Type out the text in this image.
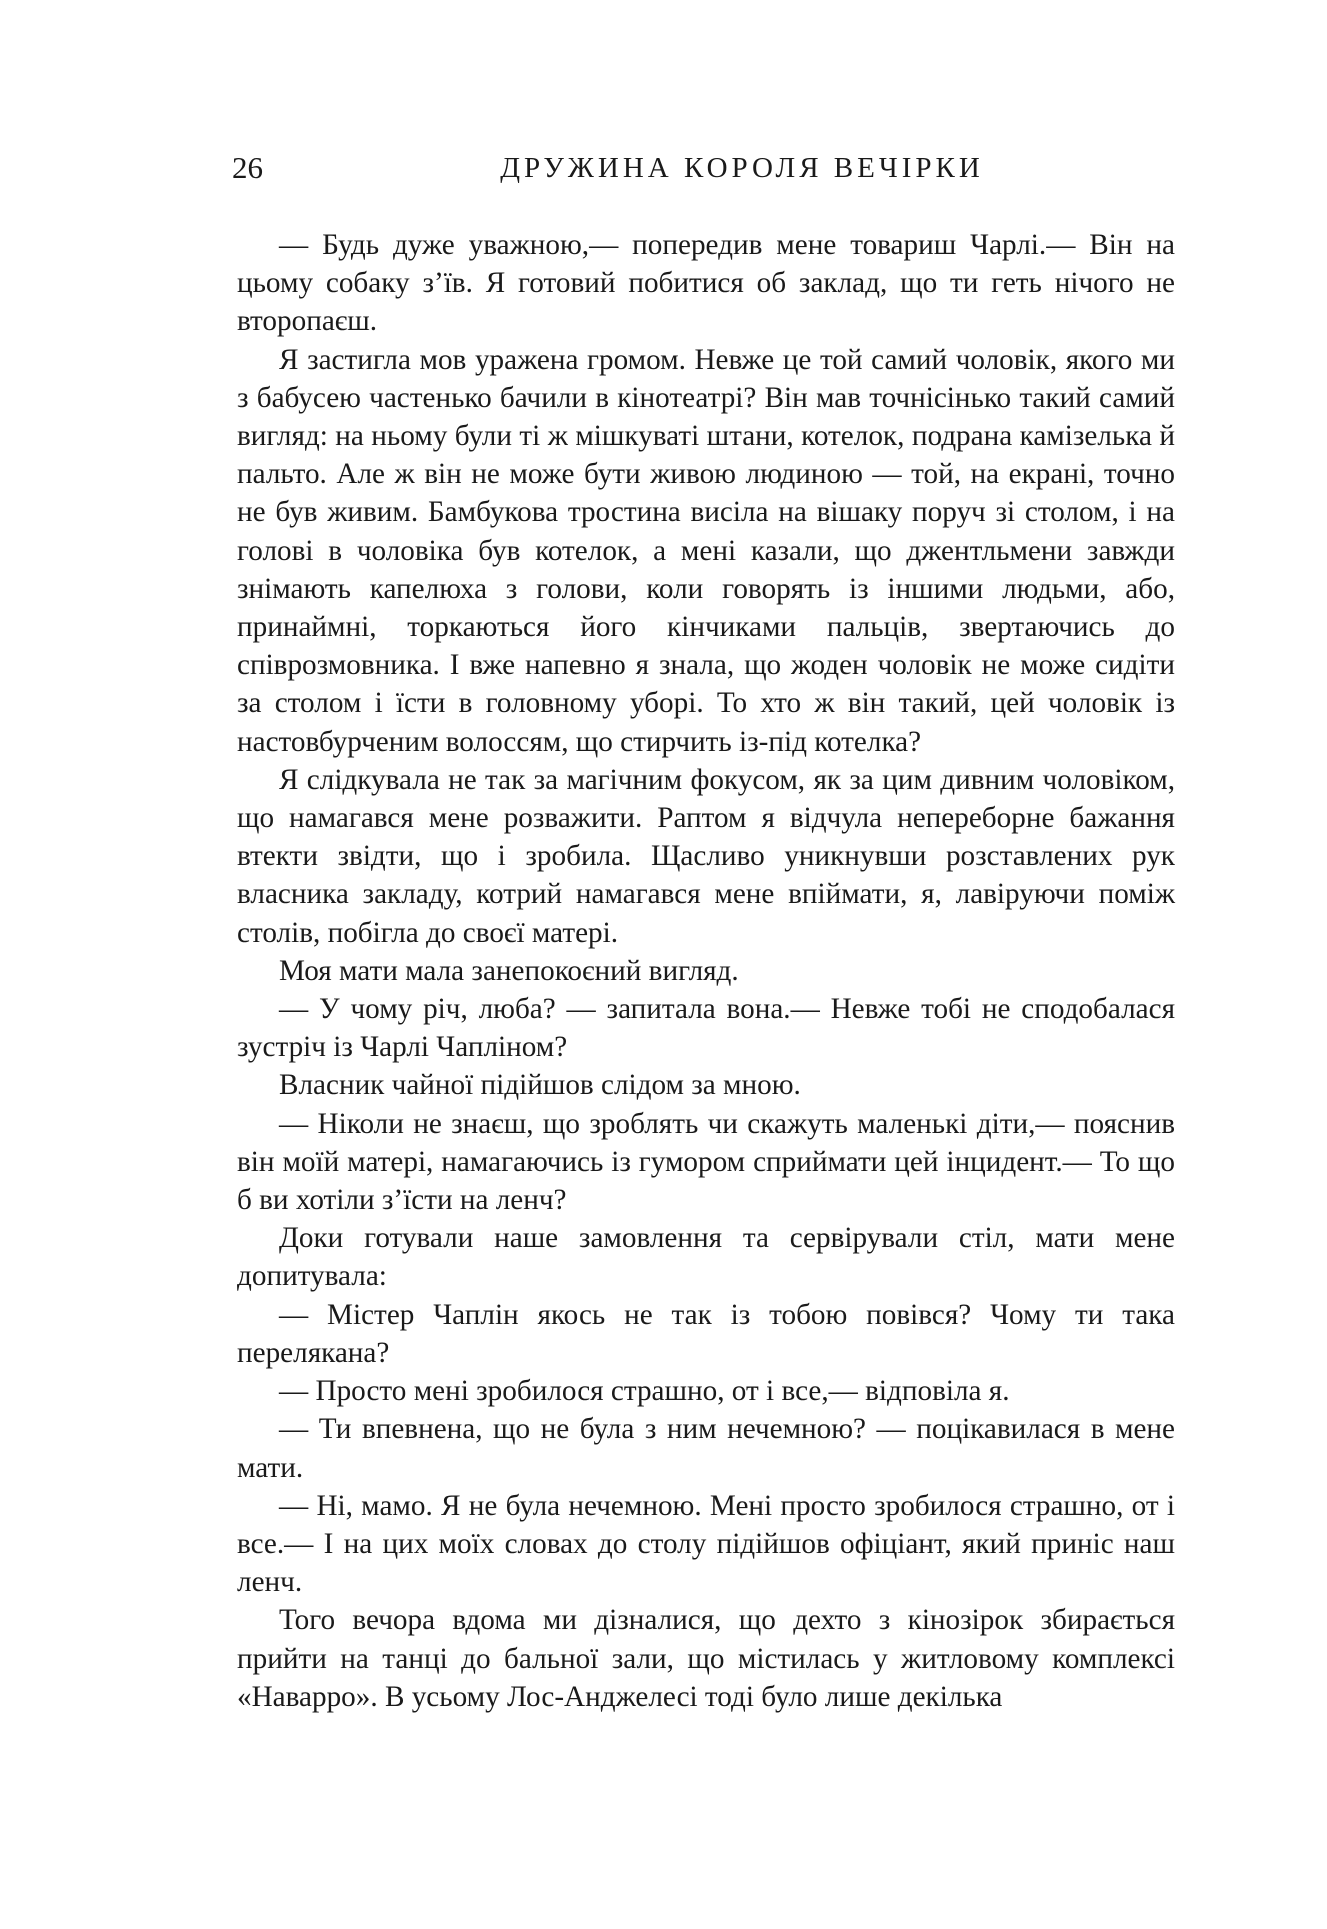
26	ДРУЖИНА КОРОЛЯ ВЕЧІРКИ

— Будь дуже уважною,— попередив мене товариш Чарлі.— Він на цьому собаку з’їв. Я готовий побитися об заклад, що ти геть нічого не второпаєш.

Я застигла мов уражена громом. Невже це той самий чоловік, якого ми з бабусею частенько бачили в кінотеатрі? Він мав точнісінько такий самий вигляд: на ньому були ті ж мішкуваті штани, котелок, подрана камізелька й пальто. Але ж він не може бути живою людиною — той, на екрані, точно не був живим. Бамбукова тростина висіла на вішаку поруч зі столом, і на голові в чоловіка був котелок, а мені казали, що джентльмени завжди знімають капелюха з голови, коли говорять із іншими людьми, або, принаймні, торкаються його кінчиками пальців, звертаючись до співрозмовника. І вже напевно я знала, що жоден чоловік не може сидіти за столом і їсти в головному уборі. То хто ж він такий, цей чоловік із настовбурченим волоссям, що стирчить із-під котелка?

Я слідкувала не так за магічним фокусом, як за цим дивним чоловіком, що намагався мене розважити. Раптом я відчула непереборне бажання втекти звідти, що і зробила. Щасливо уникнувши розставлених рук власника закладу, котрий намагався мене впіймати, я, лавіруючи поміж столів, побігла до своєї матері.

Моя мати мала занепокоєний вигляд.

— У чому річ, люба? — запитала вона.— Невже тобі не сподобалася зустріч із Чарлі Чапліном?

Власник чайної підійшов слідом за мною.

— Ніколи не знаєш, що зроблять чи скажуть маленькі діти,— пояснив він моїй матері, намагаючись із гумором сприймати цей інцидент.— То що б ви хотіли з’їсти на ленч?

Доки готували наше замовлення та сервірували стіл, мати мене допитувала:

— Містер Чаплін якось не так із тобою повівся? Чому ти така перелякана?

— Просто мені зробилося страшно, от і все,— відповіла я.

— Ти впевнена, що не була з ним нечемною? — поцікавилася в мене мати.

— Ні, мамо. Я не була нечемною. Мені просто зробилося страшно, от і все.— І на цих моїх словах до столу підійшов офіціант, який приніс наш ленч.

Того вечора вдома ми дізналися, що дехто з кінозірок збирається прийти на танці до бальної зали, що містилась у житловому комплексі «Наварро». В усьому Лос-Анджелесі тоді було лише декілька
